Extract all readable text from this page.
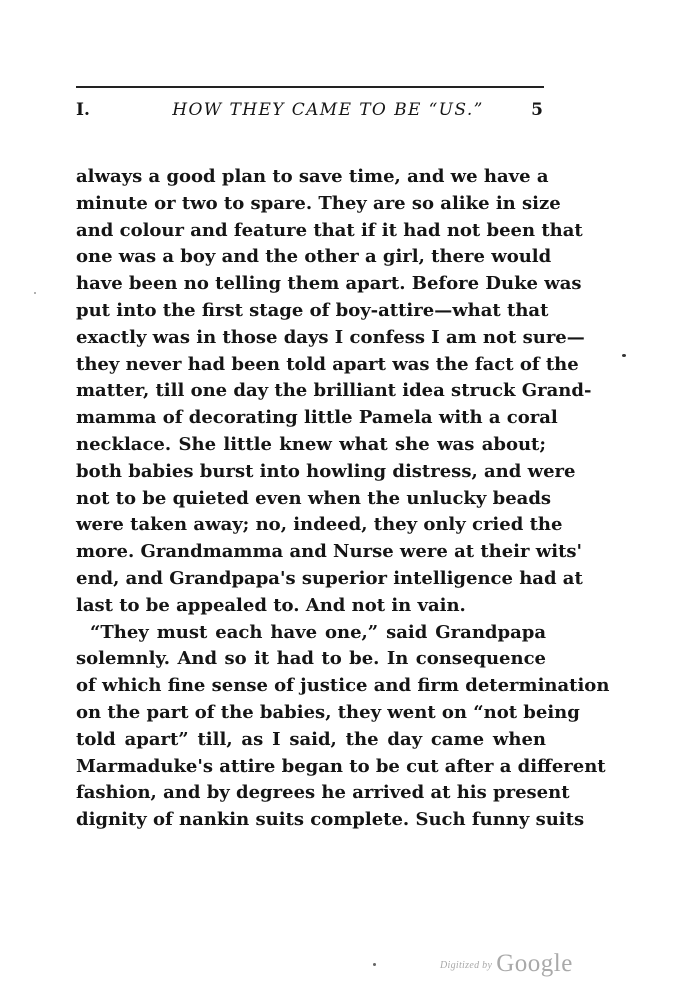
I.	HOW THEY CAME TO BE “US.”	5
always a good plan to save time, and we have a
minute or two to spare. They are so alike in size
and colour and feature that if it had not been that
one was a boy and the other a girl, there would
have been no telling them apart. Before Duke was
put into the first stage of boy-attire—what that
exactly was in those days I confess I am not sure—
they never had been told apart was the fact of the
matter, till one day the brilliant idea struck Grand-
mamma of decorating little Pamela with a coral
necklace. She little knew what she was about;
both babies burst into howling distress, and were
not to be quieted even when the unlucky beads
were taken away; no, indeed, they only cried the
more. Grandmamma and Nurse were at their wits'
end, and Grandpapa's superior intelligence had at
last to be appealed to. And not in vain.
“They must each have one,” said Grandpapa
solemnly. And so it had to be. In consequence
of which fine sense of justice and firm determination
on the part of the babies, they went on “not being
told apart” till, as I said, the day came when
Marmaduke's attire began to be cut after a different
fashion, and by degrees he arrived at his present
dignity of nankin suits complete. Such funny suits
Digitized by Google
